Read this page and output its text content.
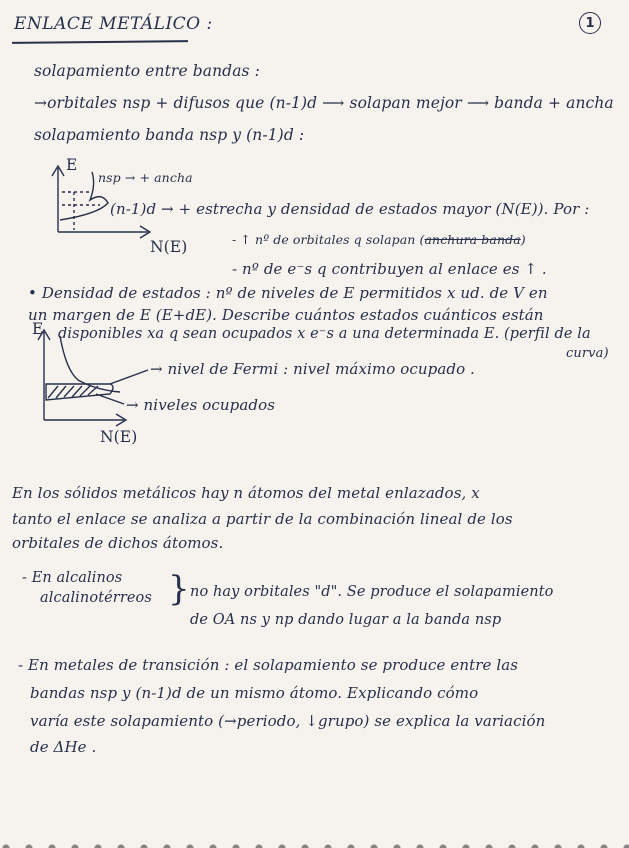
ENLACE METÁLICO :	1
solapamiento entre bandas :
→orbitales nsp + difusos que (n-1)d ⟶ solapan mejor ⟶ banda + ancha
solapamiento banda nsp y (n-1)d :
E
nsp → + ancha
(n-1)d → + estrecha y densidad de estados mayor (N(E)). Por :
N(E)	- ↑ nº de orbitales q solapan (anchura banda)
- nº de e⁻s q contribuyen al enlace es ↑ .
• Densidad de estados : nº de niveles de E permitidos x ud. de V en
un margen de E (E+dE). Describe cuántos estados cuánticos están
disponibles xa q sean ocupados x e⁻s a una determinada E. (perfil de la
curva)
E
→ nivel de Fermi : nivel máximo ocupado .
→ niveles ocupados
N(E)
En los sólidos metálicos hay n átomos del metal enlazados, x
tanto el enlace se analiza a partir de la combinación lineal de los
orbitales de dichos átomos.
- En alcalinos
alcalinotérreos } no hay orbitales "d". Se produce el solapamiento
de OA ns y np dando lugar a la banda nsp
- En metales de transición : el solapamiento se produce entre las
bandas nsp y (n-1)d de un mismo átomo. Explicando cómo
varía este solapamiento (→periodo, ↓grupo) se explica la variación
de ΔHe .
